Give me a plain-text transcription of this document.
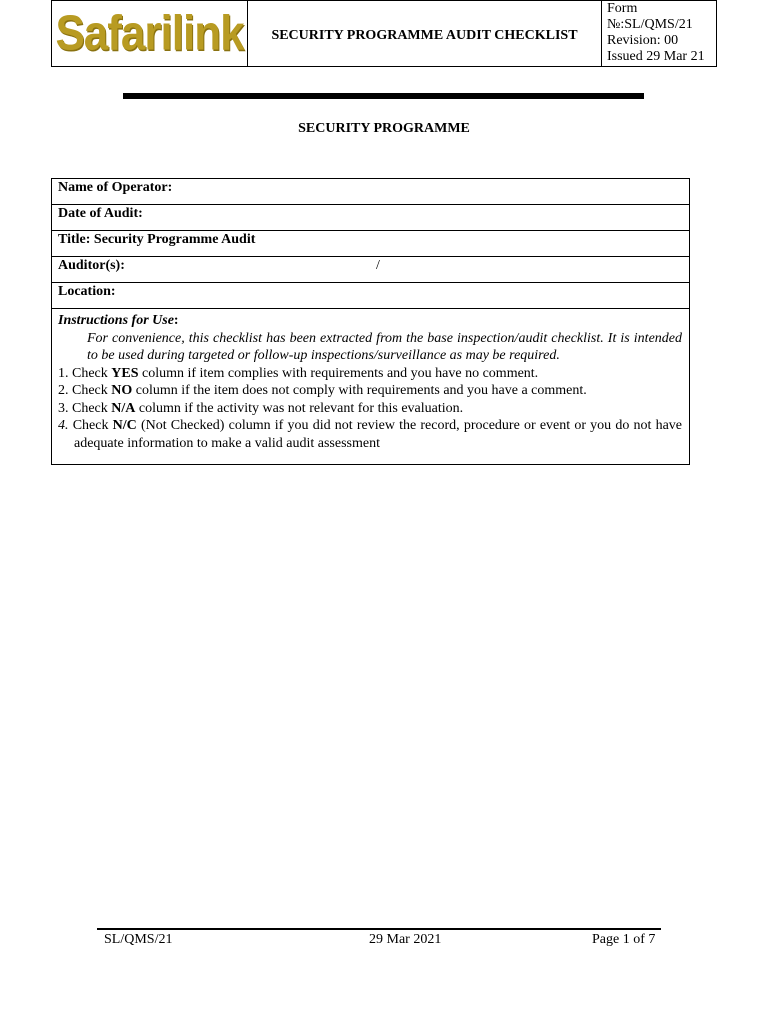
Safarilink	SECURITY PROGRAMME AUDIT CHECKLIST
Form
№:SL/QMS/21
Revision: 00
Issued 29 Mar 21
SECURITY PROGRAMME
Name of Operator:
Date of Audit:
Title: Security Programme Audit
Auditor(s):	/
Location:
Instructions for Use:
For convenience, this checklist has been extracted from the base inspection/audit checklist. It is intended to be used during targeted or follow-up inspections/surveillance as may be required.
1. Check YES column if item complies with requirements and you have no comment.
2. Check NO column if the item does not comply with requirements and you have a comment.
3. Check N/A column if the activity was not relevant for this evaluation.
4. Check N/C (Not Checked) column if you did not review the record, procedure or event or you do not have adequate information to make a valid audit assessment
SL/QMS/21	29 Mar 2021	Page 1 of 7
